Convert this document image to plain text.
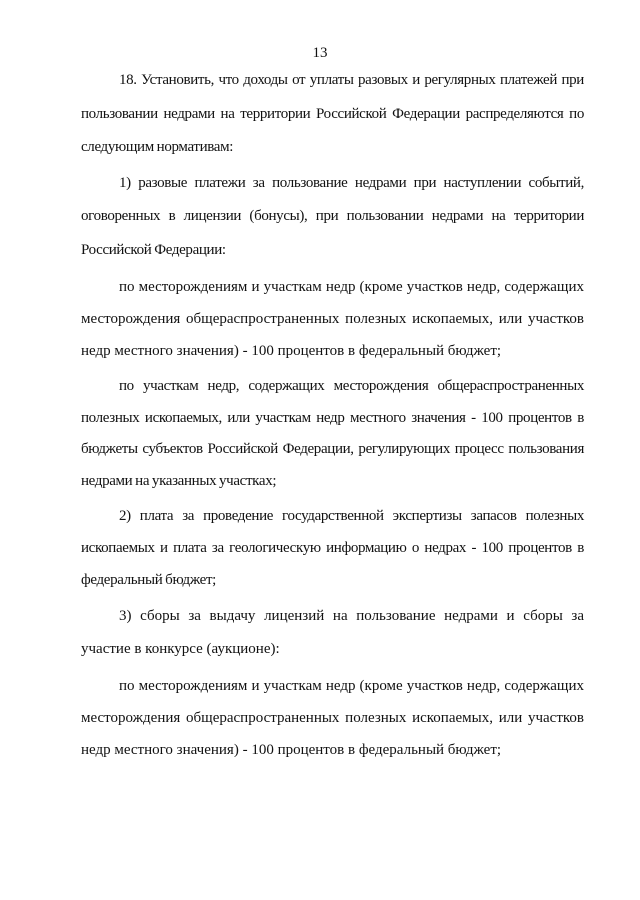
13

18. Установить, что доходы от уплаты разовых и регулярных платежей при пользовании недрами на территории Российской Федерации распределяются по следующим нормативам:

1) разовые платежи за пользование недрами при наступлении событий, оговоренных в лицензии (бонусы), при пользовании недрами на территории Российской Федерации:

по месторождениям и участкам недр (кроме участков недр, содержащих месторождения общераспространенных полезных ископаемых, или участков недр местного значения) - 100 процентов в федеральный бюджет;

по участкам недр, содержащих месторождения общераспространенных полезных ископаемых, или участкам недр местного значения - 100 процентов в бюджеты субъектов Российской Федерации, регулирующих процесс пользования недрами на указанных участках;

2) плата за проведение государственной экспертизы запасов полезных ископаемых и плата за геологическую информацию о недрах - 100 процентов в федеральный бюджет;

3) сборы за выдачу лицензий на пользование недрами и сборы за участие в конкурсе (аукционе):

по месторождениям и участкам недр (кроме участков недр, содержащих месторождения общераспространенных полезных ископаемых, или участков недр местного значения) - 100 процентов в федеральный бюджет;
